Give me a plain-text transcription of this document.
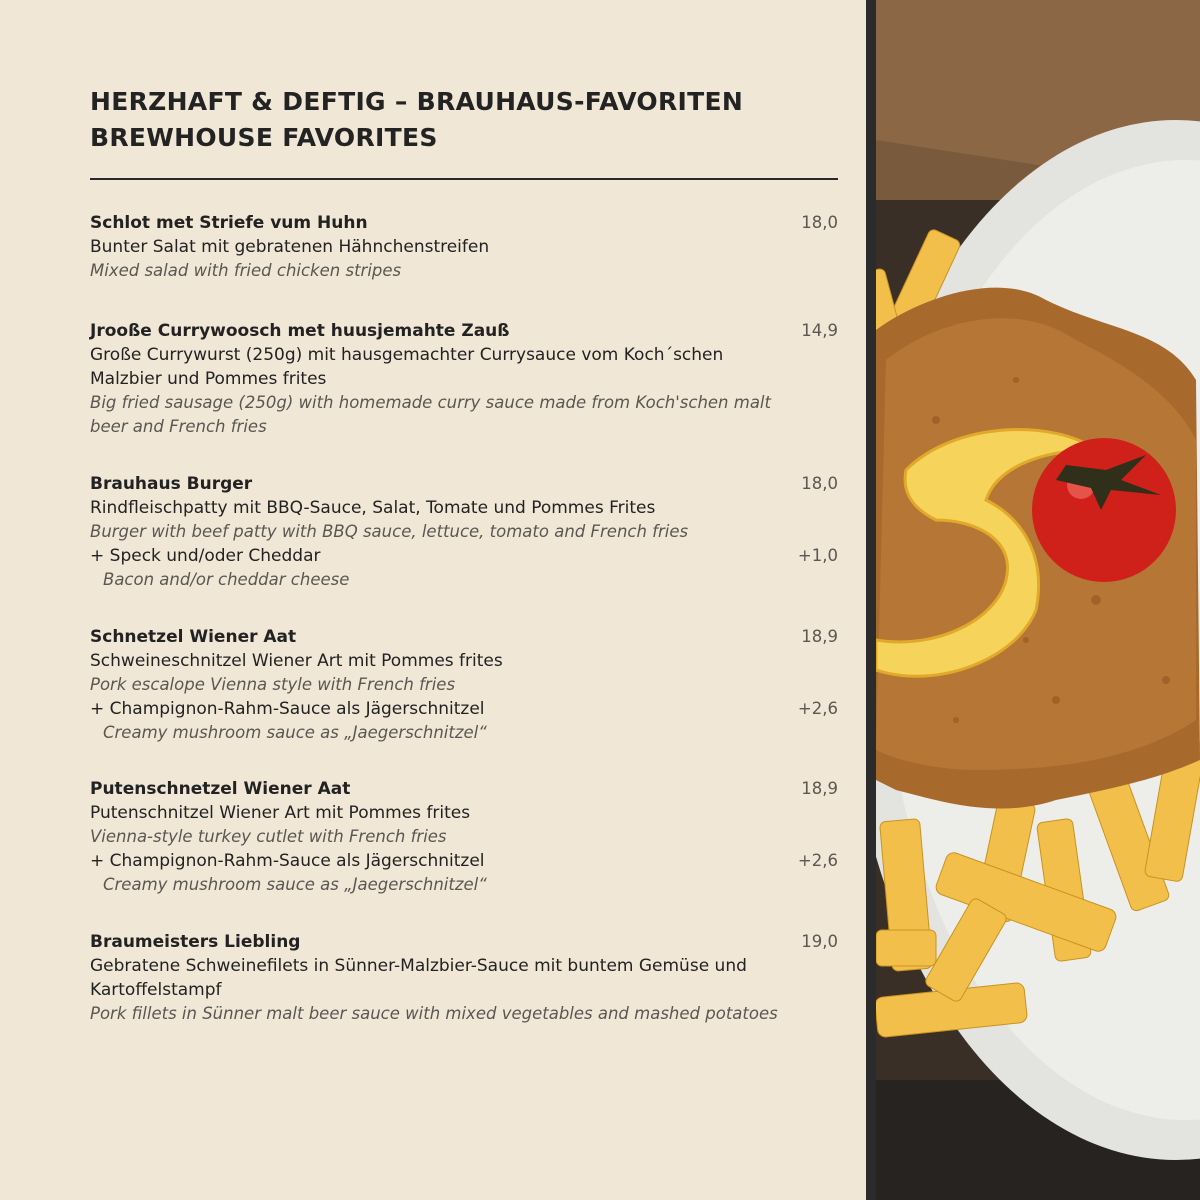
HERZHAFT & DEFTIG – BRAUHAUS-FAVORITEN
BREWHOUSE FAVORITES
Schlot met Striefe vum Huhn	18,0
Bunter Salat mit gebratenen Hähnchenstreifen
Mixed salad with fried chicken stripes
Jrooße Currywoosch met huusjemahte Zauß	14,9
Große Currywurst (250g) mit hausgemachter Currysauce vom Koch´schen Malzbier und Pommes frites
Big fried sausage (250g) with homemade curry sauce made from Koch'schen malt beer and French fries
Brauhaus Burger	18,0
Rindfleischpatty mit BBQ-Sauce, Salat, Tomate und Pommes Frites
Burger with beef patty with BBQ sauce, lettuce, tomato and French fries
+ Speck und/oder Cheddar	+1,0
Bacon and/or cheddar cheese
Schnetzel Wiener Aat	18,9
Schweineschnitzel Wiener Art mit Pommes frites
Pork escalope Vienna style with French fries
+ Champignon-Rahm-Sauce als Jägerschnitzel	+2,6
Creamy mushroom sauce as „Jaegerschnitzel“
Putenschnetzel Wiener Aat	18,9
Putenschnitzel Wiener Art mit Pommes frites
Vienna-style turkey cutlet with French fries
+ Champignon-Rahm-Sauce als Jägerschnitzel	+2,6
Creamy mushroom sauce as „Jaegerschnitzel“
Braumeisters Liebling	19,0
Gebratene Schweinefilets in Sünner-Malzbier-Sauce mit buntem Gemüse und Kartoffelstampf
Pork fillets in Sünner malt beer sauce with mixed vegetables and mashed potatoes
